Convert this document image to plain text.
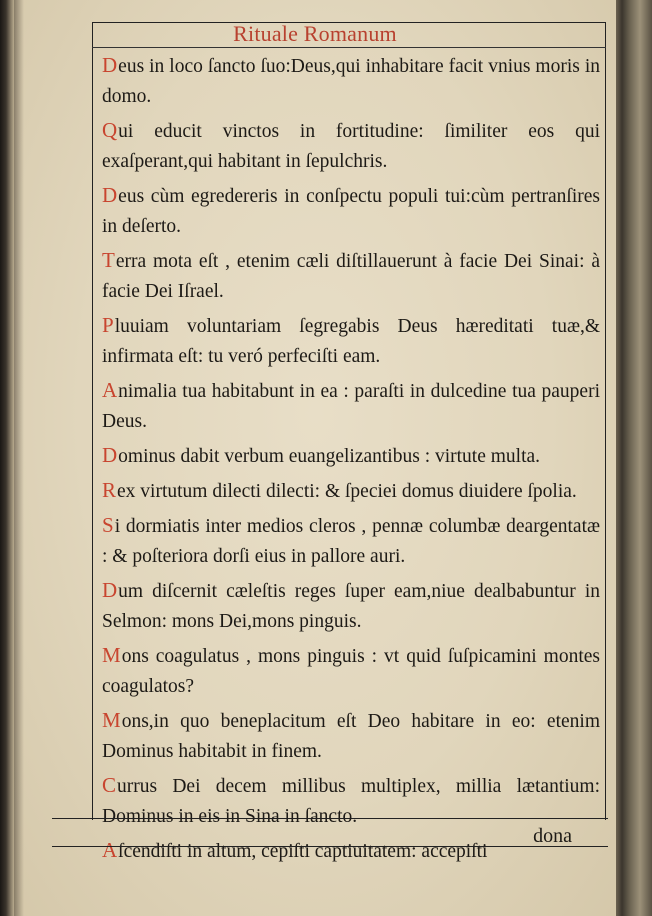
Rituale Romanum

Deus in loco ſancto ſuo:Deus,qui inhabitare facit vnius moris in domo.

Qui educit vinctos in fortitudine: ſimiliter eos qui exaſperant,qui habitant in ſepulchris.

Deus cùm egredereris in conſpectu populi tui:cùm pertranſires in deſerto.

Terra mota eſt , etenim cæli diſtillauerunt à facie Dei Sinai: à facie Dei Iſrael.

Pluuiam voluntariam ſegregabis Deus hæreditati tuæ,& infirmata eſt: tu veró perfeciſti eam.

Animalia tua habitabunt in ea : paraſti in dulcedine tua pauperi Deus.

Dominus dabit verbum euangelizantibus : virtute multa.

Rex virtutum dilecti dilecti: & ſpeciei domus diuidere ſpolia.

Si dormiatis inter medios cleros , pennæ columbæ deargentatæ : & poſteriora dorſi eius in pallore auri.

Dum diſcernit cæleſtis reges ſuper eam,niue dealbabuntur in Selmon: mons Dei,mons pinguis.

Mons coagulatus , mons pinguis : vt quid ſuſpicamini montes coagulatos?

Mons,in quo beneplacitum eſt Deo habitare in eo: etenim Dominus habitabit in finem.

Currus Dei decem millibus multiplex, millia lætantium: Dominus in eis in Sina in ſancto.

Aſcendiſti in altum, cepiſti captiuitatem: accepiſti

dona
